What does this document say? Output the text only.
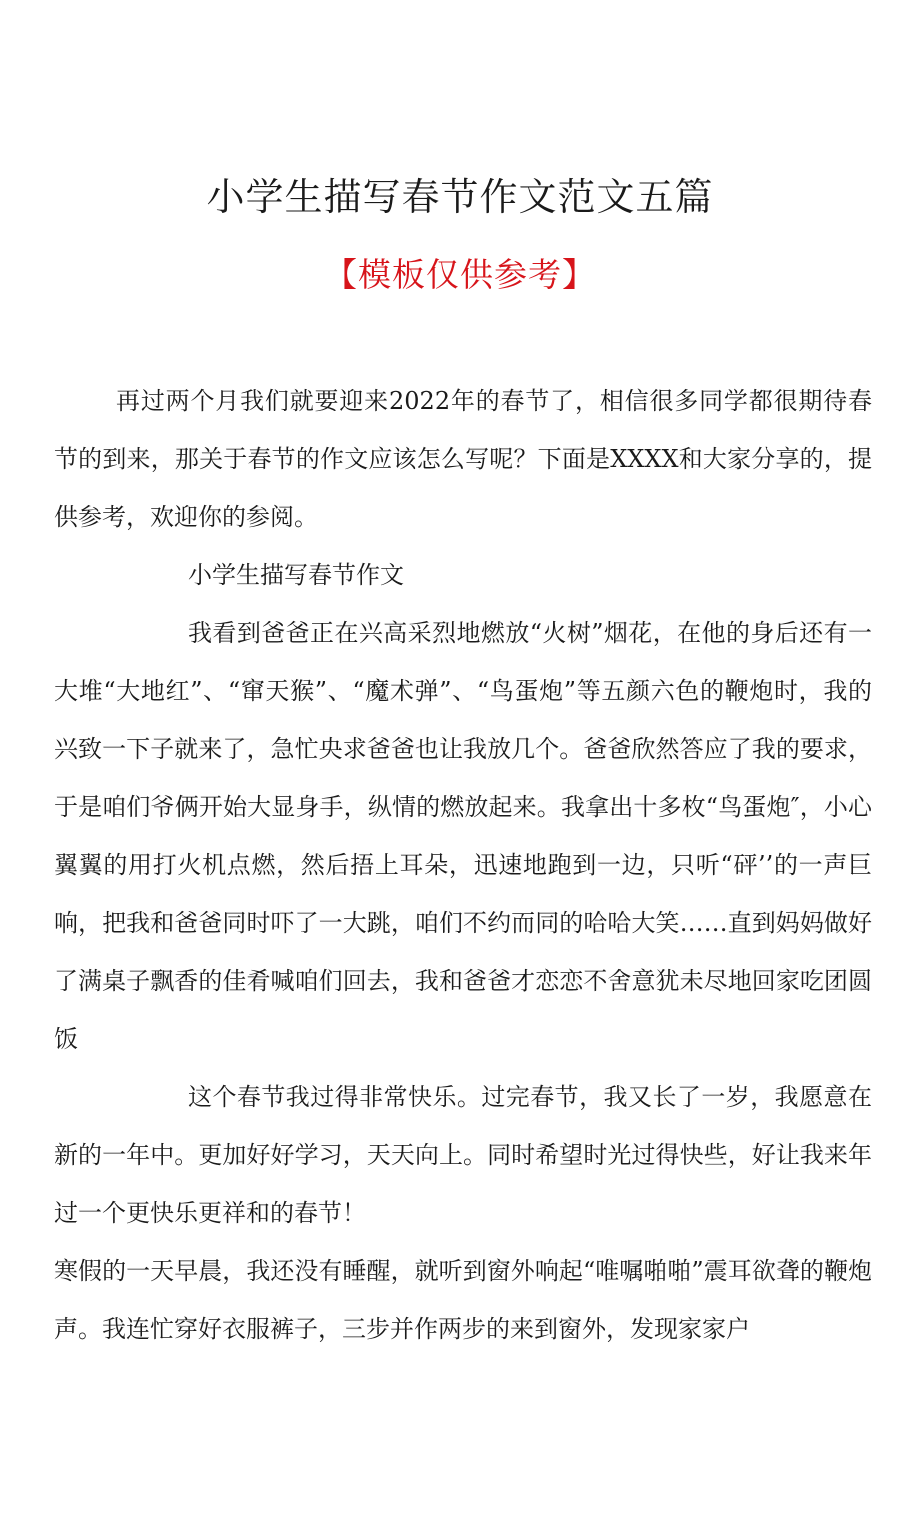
小学生描写春节作文范文五篇
【模板仅供参考】

再过两个月我们就要迎来2022年的春节了，相信很多同学都很期待春节的到来，那关于春节的作文应该怎么写呢？下面是XXXX和大家分享的，提供参考，欢迎你的参阅。

小学生描写春节作文

我看到爸爸正在兴高采烈地燃放“火树”烟花，在他的身后还有一大堆“大地红”、“窜天猴”、“魔术弹”、“鸟蛋炮”等五颜六色的鞭炮时，我的兴致一下子就来了，急忙央求爸爸也让我放几个。爸爸欣然答应了我的要求，于是咱们爷俩开始大显身手，纵情的燃放起来。我拿出十多枚“鸟蛋炮″，小心翼翼的用打火机点燃，然后捂上耳朵，迅速地跑到一边，只听“砰’’的一声巨响，把我和爸爸同时吓了一大跳，咱们不约而同的哈哈大笑……直到妈妈做好了满桌子飘香的佳肴喊咱们回去，我和爸爸才恋恋不舍意犹未尽地回家吃团圆饭

这个春节我过得非常快乐。过完春节，我又长了一岁，我愿意在新的一年中。更加好好学习，天天向上。同时希望时光过得快些，好让我来年过一个更快乐更祥和的春节！

寒假的一天早晨，我还没有睡醒，就听到窗外响起“唯嘱啪啪”震耳欲聋的鞭炮声。我连忙穿好衣服裤子，三步并作两步的来到窗外，发现家家户
